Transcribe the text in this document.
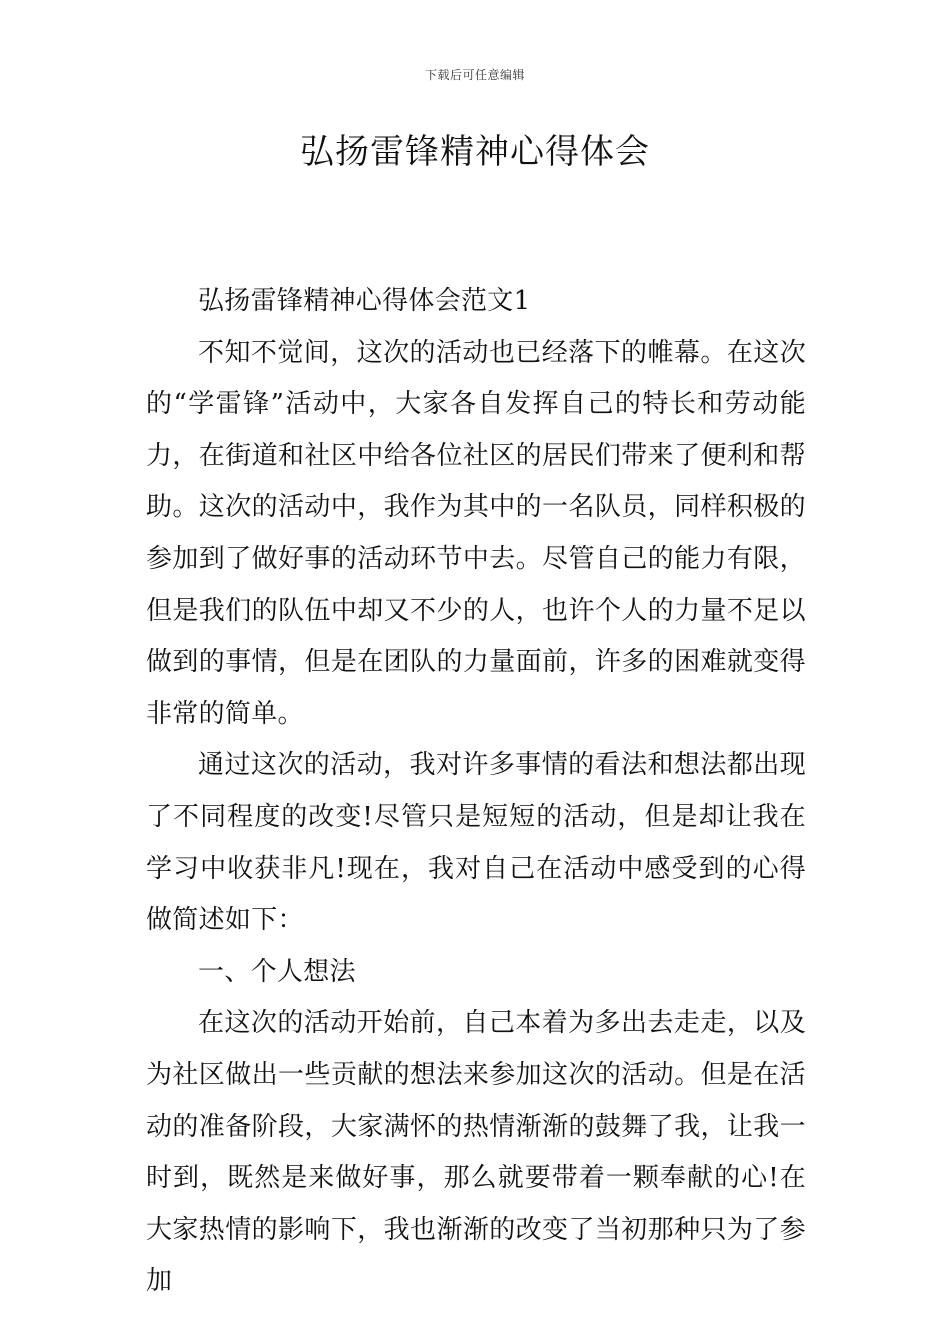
下载后可任意编辑
弘扬雷锋精神心得体会

弘扬雷锋精神心得体会范文1

不知不觉间，这次的活动也已经落下的帷幕。在这次的“学雷锋”活动中，大家各自发挥自己的特长和劳动能力，在街道和社区中给各位社区的居民们带来了便利和帮助。这次的活动中，我作为其中的一名队员，同样积极的参加到了做好事的活动环节中去。尽管自己的能力有限，但是我们的队伍中却又不少的人，也许个人的力量不足以做到的事情，但是在团队的力量面前，许多的困难就变得非常的简单。

通过这次的活动，我对许多事情的看法和想法都出现了不同程度的改变!尽管只是短短的活动，但是却让我在学习中收获非凡!现在，我对自己在活动中感受到的心得做简述如下：

一、个人想法

在这次的活动开始前，自己本着为多出去走走，以及为社区做出一些贡献的想法来参加这次的活动。但是在活动的准备阶段，大家满怀的热情渐渐的鼓舞了我，让我一时到，既然是来做好事，那么就要带着一颗奉献的心!在大家热情的影响下，我也渐渐的改变了当初那种只为了参加
